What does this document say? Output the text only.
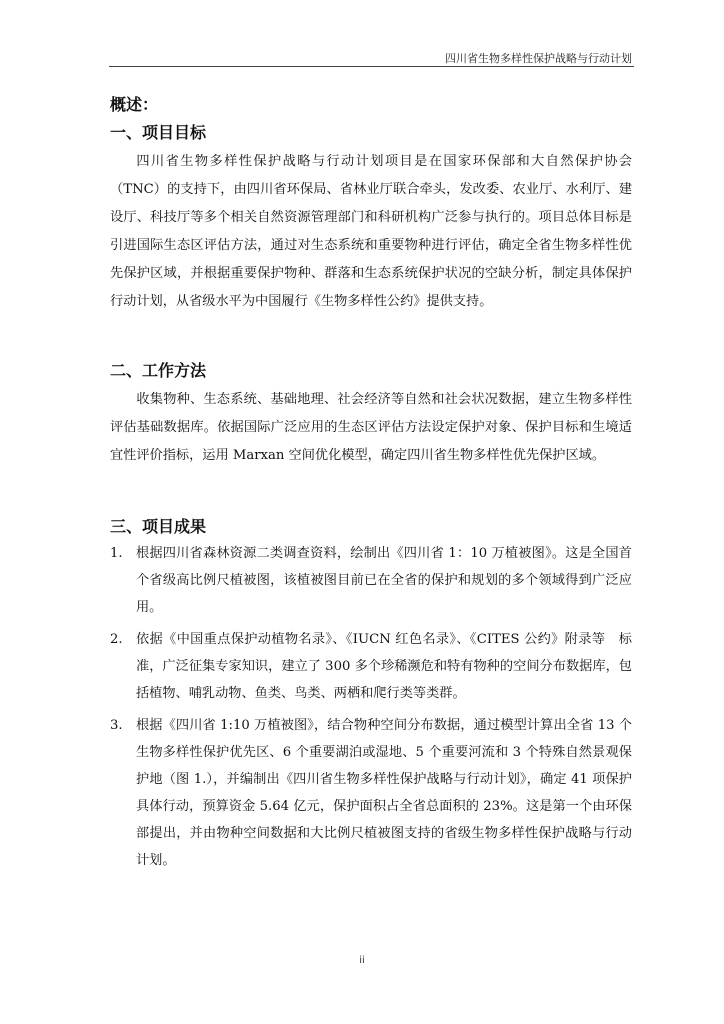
四川省生物多样性保护战略与行动计划
概述：
一、项目目标

四川省生物多样性保护战略与行动计划项目是在国家环保部和大自然保护协会（TNC）的支持下，由四川省环保局、省林业厅联合牵头，发改委、农业厅、水利厅、建设厅、科技厅等多个相关自然资源管理部门和科研机构广泛参与执行的。项目总体目标是引进国际生态区评估方法，通过对生态系统和重要物种进行评估，确定全省生物多样性优先保护区域，并根据重要保护物种、群落和生态系统保护状况的空缺分析，制定具体保护行动计划，从省级水平为中国履行《生物多样性公约》提供支持。

二、工作方法

收集物种、生态系统、基础地理、社会经济等自然和社会状况数据，建立生物多样性评估基础数据库。依据国际广泛应用的生态区评估方法设定保护对象、保护目标和生境适宜性评价指标，运用 Marxan 空间优化模型，确定四川省生物多样性优先保护区域。

三、项目成果
1. 根据四川省森林资源二类调查资料，绘制出《四川省 1：10 万植被图》。这是全国首个省级高比例尺植被图，该植被图目前已在全省的保护和规划的多个领域得到广泛应用。
2. 依据《中国重点保护动植物名录》、《IUCN 红色名录》、《CITES 公约》附录等　标准，广泛征集专家知识，建立了 300 多个珍稀濒危和特有物种的空间分布数据库，包括植物、哺乳动物、鱼类、鸟类、两栖和爬行类等类群。
3. 根据《四川省 1:10 万植被图》，结合物种空间分布数据，通过模型计算出全省 13 个生物多样性保护优先区、6 个重要湖泊或湿地、5 个重要河流和 3 个特殊自然景观保护地（图 1.），并编制出《四川省生物多样性保护战略与行动计划》，确定 41 项保护具体行动，预算资金 5.64 亿元，保护面积占全省总面积的 23%。这是第一个由环保部提出，并由物种空间数据和大比例尺植被图支持的省级生物多样性保护战略与行动计划。
ii
